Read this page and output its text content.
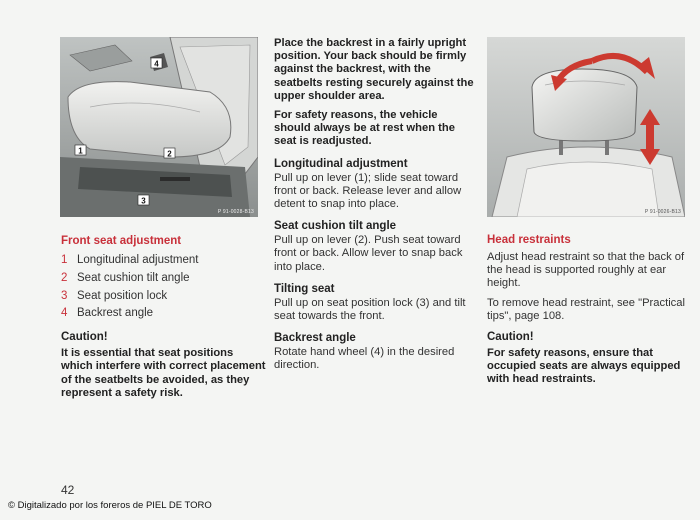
4
1	2
3
P 91-0028-B13	P 91-0026-B13
Front seat adjustment
1 Longitudinal adjustment
2 Seat cushion tilt angle
3 Seat position lock
4 Backrest angle
Caution!
It is essential that seat positions which interfere with correct placement of the seatbelts be avoided, as they represent a safety risk.

Place the backrest in a fairly upright position. Your back should be firmly against the backrest, with the seatbelts resting securely against the upper shoulder area.

For safety reasons, the vehicle should always be at rest when the seat is readjusted.

Longitudinal adjustment
Pull up on lever (1); slide seat toward front or back. Release lever and allow detent to snap into place.
Seat cushion tilt angle
Pull up on lever (2). Push seat toward front or back. Allow lever to snap back into place.
Tilting seat
Pull up on seat position lock (3) and tilt seat towards the front.
Backrest angle
Rotate hand wheel (4) in the desired direction.
Head restraints

Adjust head restraint so that the back of the head is supported roughly at ear height.

To remove head restraint, see "Practical tips", page 108.

Caution!
For safety reasons, ensure that occupied seats are always equipped with head restraints.
42
© Digitalizado por los foreros de PIEL DE TORO
